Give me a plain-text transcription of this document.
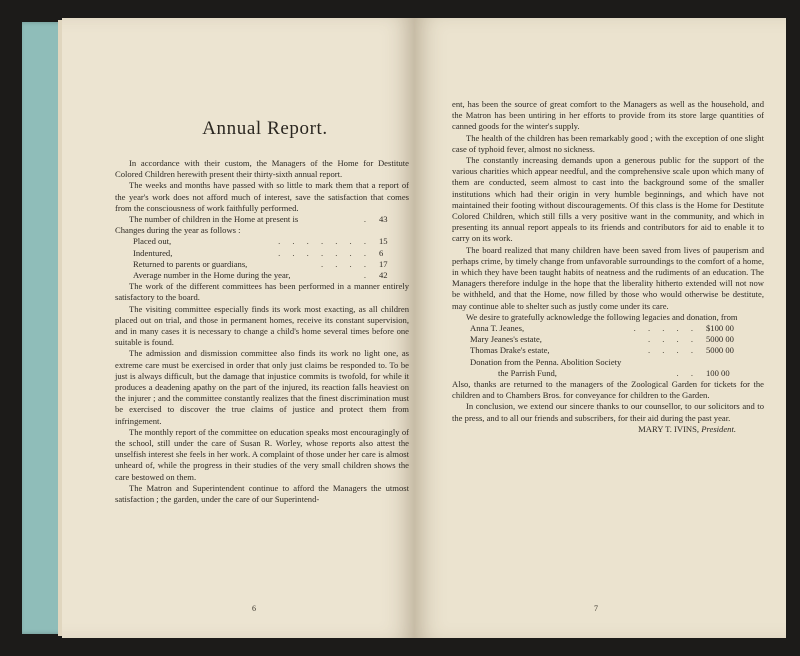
Annual Report.

In accordance with their custom, the Managers of the Home for Destitute Colored Children herewith present their thirty-sixth annual report.

The weeks and months have passed with so little to mark them that a report of the year's work does not afford much of interest, save the satisfaction that comes from the consciousness of work faithfully performed.

The number of children in the Home at present is	. 43

Changes during the year as follows :

Placed out,	. . . . . . . 15
Indentured,	. . . . . . . 6
Returned to parents or guardians,	. . . . 17
Average number in the Home during the year,	. 42

The work of the different committees has been performed in a manner entirely satisfactory to the board.

The visiting committee especially finds its work most exacting, as all children placed out on trial, and those in permanent homes, receive its constant supervision, and in many cases it is necessary to change a child's home several times before one suitable is found.

The admission and dismission committee also finds its work no light one, as extreme care must be exercised in order that only just claims be responded to. To be just is always difficult, but the damage that injustice commits is twofold, for while it produces a deadening apathy on the part of the injured, its reaction falls heaviest on the injurer ; and the committee constantly realizes that the finest discrimination must be exercised to discover the true claims of justice and protect them from infringement.

The monthly report of the committee on education speaks most encouragingly of the school, still under the care of Susan R. Worley, whose reports also attest the unselfish interest she feels in her work. A complaint of those under her care is almost unheard of, while the progress in their studies of the very small children shows the care bestowed on them.

The Matron and Superintendent continue to afford the Managers the utmost satisfaction ; the garden, under the care of our Superintend-

6

ent, has been the source of great comfort to the Managers as well as the household, and the Matron has been untiring in her efforts to provide from its store large quantities of canned goods for the winter's supply.

The health of the children has been remarkably good ; with the exception of one slight case of typhoid fever, almost no sickness.

The constantly increasing demands upon a generous public for the support of the various charities which appear needful, and the comprehensive scale upon which many of them are conducted, seem almost to cast into the background some of the smaller institutions which had their origin in very humble beginnings, and which have not maintained their footing without discouragements. Of this class is the Home for Destitute Colored Children, which still fills a very positive want in the community, and which in presenting its annual report appeals to its friends and contributors for aid to enable it to carry on its work.

The board realized that many children have been saved from lives of pauperism and perhaps crime, by timely change from unfavorable surroundings to the comfort of a home, in which they have been taught habits of neatness and the rudiments of an education. The Managers therefore indulge in the hope that the liberality hitherto extended will not now be withheld, and that the Home, now filled by those who would otherwise be destitute, may continue able to shelter such as justly come under its care.

We desire to gratefully acknowledge the following legacies and donation, from

Anna T. Jeanes,	. . . . . $100 00
Mary Jeanes's estate,	. . . . 5000 00
Thomas Drake's estate,	. . . . 5000 00

Donation from the Penna. Abolition Society

the Parrish Fund,	. . 100 00

Also, thanks are returned to the managers of the Zoological Garden for tickets for the children and to Chambers Bros. for conveyance for children to the Garden.

In conclusion, we extend our sincere thanks to our counsellor, to our solicitors and to the press, and to all our friends and subscribers, for their aid during the past year.

MARY T. IVINS, President.

7
